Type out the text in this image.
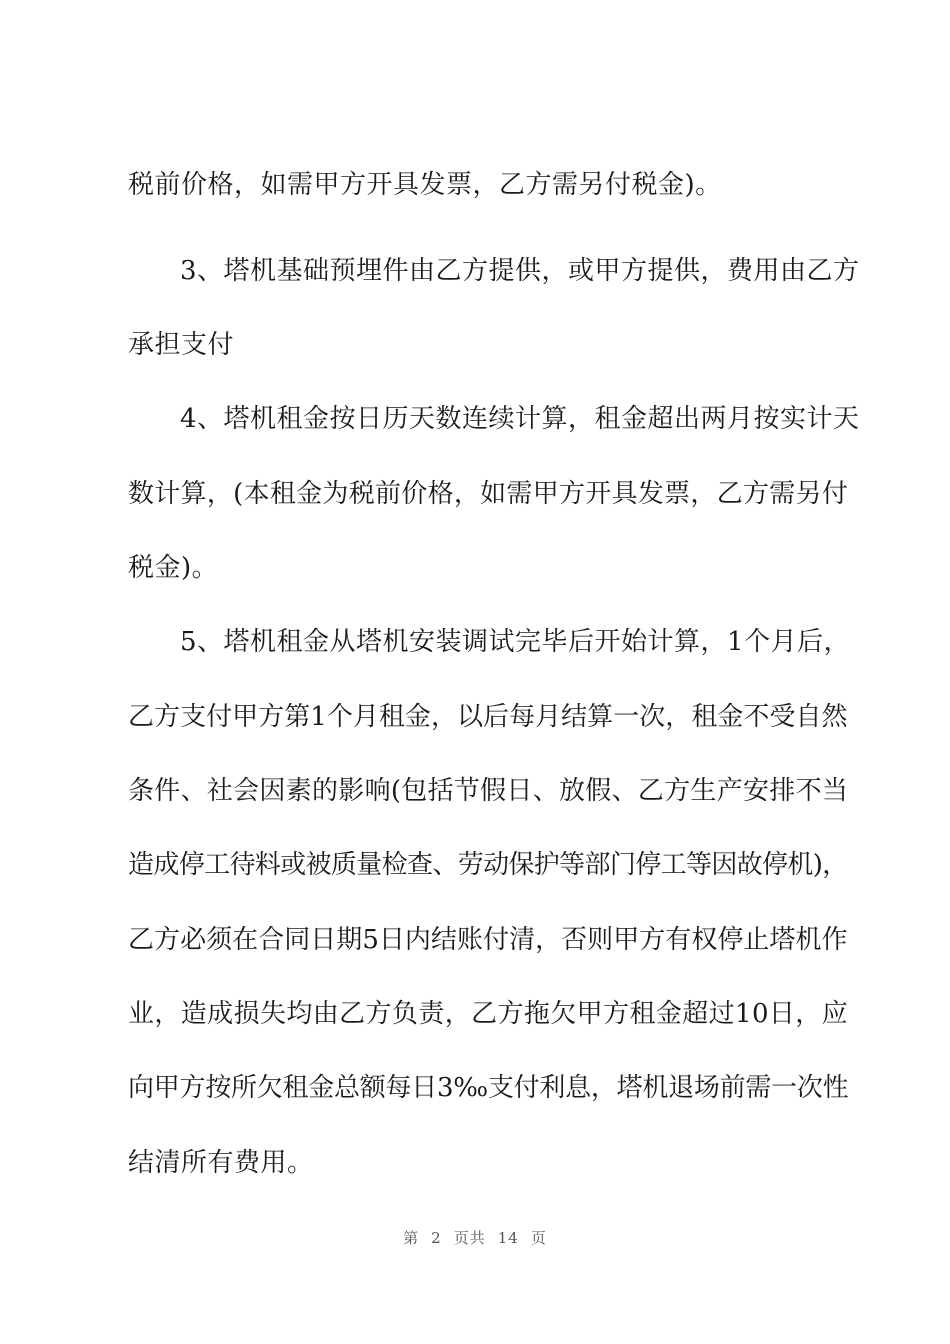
税前价格，如需甲方开具发票，乙方需另付税金)。
3、塔机基础预埋件由乙方提供，或甲方提供，费用由乙方
承担支付
4、塔机租金按日历天数连续计算，租金超出两月按实计天
数计算，(本租金为税前价格，如需甲方开具发票，乙方需另付
税金)。
5、塔机租金从塔机安装调试完毕后开始计算，1个月后，
乙方支付甲方第1个月租金，以后每月结算一次，租金不受自然
条件、社会因素的影响(包括节假日、放假、乙方生产安排不当
造成停工待料或被质量检查、劳动保护等部门停工等因故停机)，
乙方必须在合同日期5日内结账付清，否则甲方有权停止塔机作
业，造成损失均由乙方负责，乙方拖欠甲方租金超过10日，应
向甲方按所欠租金总额每日3‰支付利息，塔机退场前需一次性
结清所有费用。
第 2 页共 14 页
